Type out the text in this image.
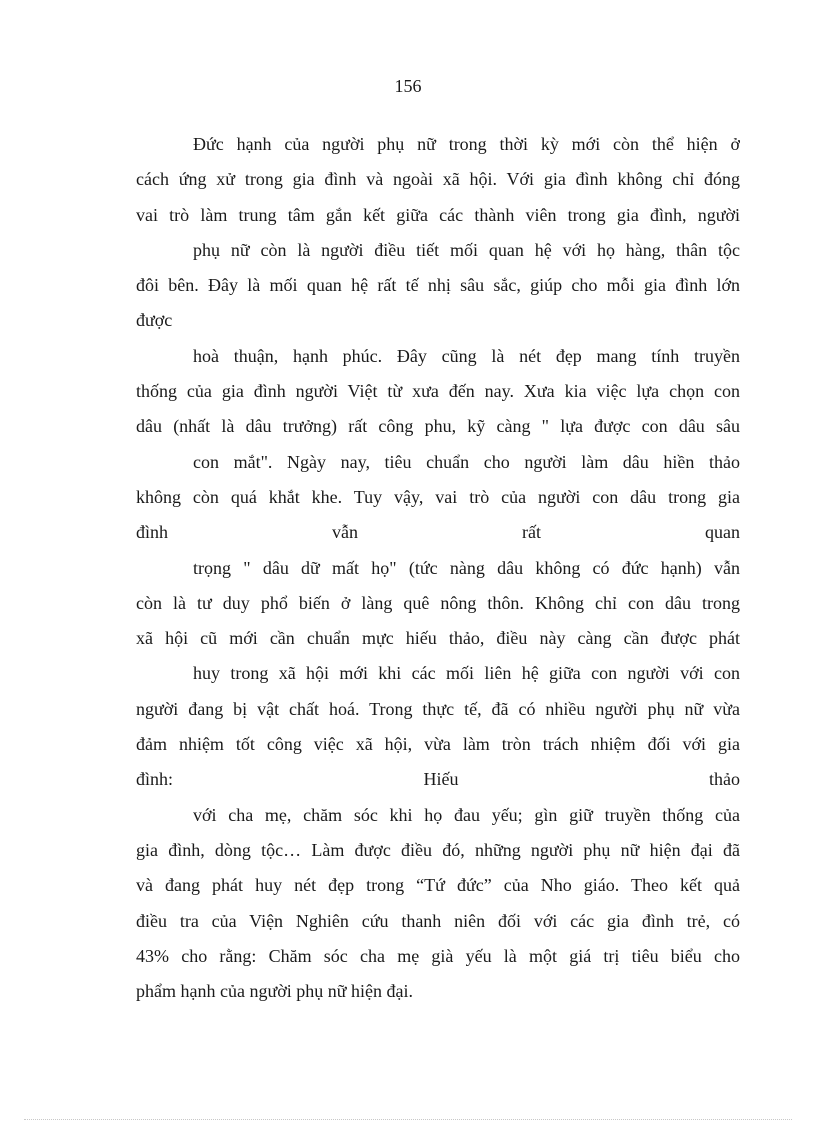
156
Đức hạnh của người phụ nữ trong thời kỳ mới còn thể hiện ở
cách ứng xử trong gia đình và ngoài xã hội. Với gia đình không chỉ đóng
vai trò làm trung tâm gắn kết giữa các thành viên trong gia đình, người
phụ nữ còn là người điều tiết mối quan hệ với họ hàng, thân tộc
đôi bên. Đây là mối quan hệ rất tế nhị sâu sắc, giúp cho mỗi gia đình lớn
được
hoà thuận, hạnh phúc. Đây cũng là nét đẹp mang tính truyền
thống của gia đình người Việt từ xưa đến nay. Xưa kia việc lựa chọn con
dâu (nhất là dâu trưởng) rất công phu, kỹ càng " lựa được con dâu sâu
con mắt". Ngày nay, tiêu chuẩn cho người làm dâu hiền thảo
không còn quá khắt khe. Tuy vậy, vai trò của người con dâu trong gia
đình vẫn rất quan
trọng " dâu dữ mất họ" (tức nàng dâu không có đức hạnh) vẫn
còn là tư duy phổ biến ở làng quê nông thôn. Không chỉ con dâu trong
xã hội cũ mới cần chuẩn mực hiếu thảo, điều này càng cần được phát
huy trong xã hội mới khi các mối liên hệ giữa con người với con
người đang bị vật chất hoá. Trong thực tế, đã có nhiều người phụ nữ vừa
đảm nhiệm tốt công việc xã hội, vừa làm tròn trách nhiệm đối với gia
đình: Hiếu thảo
với cha mẹ, chăm sóc khi họ đau yếu; gìn giữ truyền thống của
gia đình, dòng tộc… Làm được điều đó, những người phụ nữ hiện đại đã
và đang phát huy nét đẹp trong “Tứ đức” của Nho giáo. Theo kết quả
điều tra của Viện Nghiên cứu thanh niên đối với các gia đình trẻ, có
43% cho rằng: Chăm sóc cha mẹ già yếu là một giá trị tiêu biểu cho
phẩm hạnh của người phụ nữ hiện đại.
